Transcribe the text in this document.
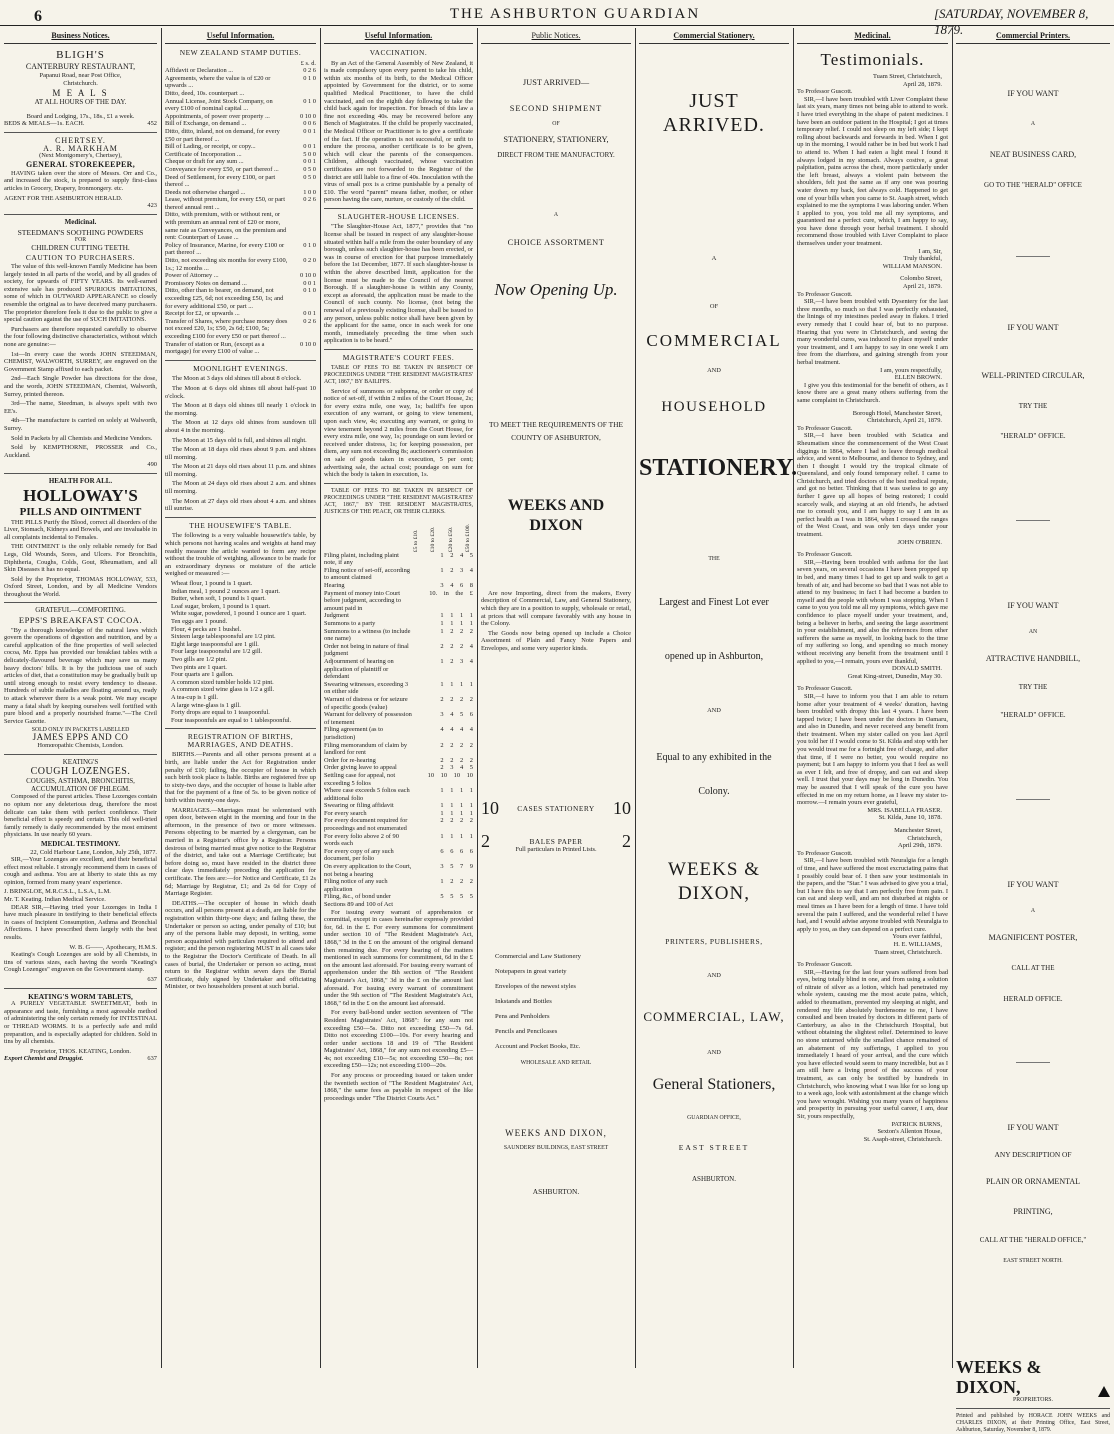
6	THE ASHBURTON GUARDIAN	[SATURDAY, NOVEMBER 8, 1879.
Business Notices.
BLIGH'S
CANTERBURY RESTAURANT,
Papanui Road, near Post Office,
Christchurch.
M E A L S
AT ALL HOURS OF THE DAY.
Board and Lodging, 17s., 18s., £1 a week.
BEDS & MEALS—1s. EACH.	452
CHERTSEY.
A. R. MARKHAM
(Next Montgomery's, Chertsey),
GENERAL STOREKEEPER,
HAVING taken over the store of Messrs. Orr and Co., and increased the stock, is prepared to supply first-class articles in Grocery, Drapery, Ironmongery. etc.
AGENT FOR THE ASHBURTON HERALD.
423
Medicinal.
STEEDMAN'S SOOTHING POWDERS
FOR
CHILDREN CUTTING TEETH.
CAUTION TO PURCHASERS.
The value of this well-known Family Medicine has been largely tested in all parts of the world, and by all grades of society, for upwards of FIFTY YEARS. Its well-earned extensive sale has produced SPURIOUS IMITATIONS, some of which in OUTWARD APPEARANCE so closely resemble the original as to have deceived many purchasers. The proprietor therefore feels it due to the public to give a special caution against the use of SUCH IMITATIONS.
Purchasers are therefore requested carefully to observe the four following distinctive characteristics, without which none are genuine:—
1st—In every case the words JOHN STEEDMAN, CHEMIST, WALWORTH, SURREY, are engraved on the Government Stamp affixed to each packet.
2nd—Each Single Powder has directions for the dose, and the words, JOHN STEEDMAN, Chemist, Walworth, Surrey, printed thereon.
3rd—The name, Steedman, is always spelt with two EE's.
4th—The manufacture is carried on solely at Walworth, Surrey.
Sold in Packets by all Chemists and Medicine Vendors.
Sold by KEMPTHORNE, PROSSER and Co., Auckland.
490
HEALTH FOR ALL.
HOLLOWAY'S
PILLS AND OINTMENT
THE PILLS Purify the Blood, correct all disorders of the Liver, Stomach, Kidneys and Bowels, and are invaluable in all complaints incidental to Females.
THE OINTMENT is the only reliable remedy for Bad Legs, Old Wounds, Sores, and Ulcers. For Bronchitis, Diphtheria, Coughs, Colds, Gout, Rheumatism, and all Skin Diseases it has no equal.
Sold by the Proprietor, THOMAS HOLLOWAY, 533, Oxford Street, London, and by all Medicine Vendors throughout the World.
GRATEFUL—COMFORTING.
EPPS'S BREAKFAST COCOA.
"By a thorough knowledge of the natural laws which govern the operations of digestion and nutrition, and by a careful application of the fine properties of well selected cocoa, Mr. Epps has provided our breakfast tables with a delicately-flavoured beverage which may save us many heavy doctors' bills. It is by the judicious use of such articles of diet, that a constitution may be gradually built up until strong enough to resist every tendency to disease. Hundreds of subtle maladies are floating around us, ready to attack wherever there is a weak point. We may escape many a fatal shaft by keeping ourselves well fortified with pure blood and a properly nourished frame."—The Civil Service Gazette.
SOLD ONLY IN PACKETS LABELLED
JAMES EPPS AND CO
Homœopathic Chemists, London.
KEATING'S
COUGH LOZENGES.
COUGHS, ASTHMA, BRONCHITIS, ACCUMULATION OF PHLEGM.
Composed of the purest articles. These Lozenges contain no opium nor any deleterious drug, therefore the most delicate can take them with perfect confidence. Their beneficial effect is speedy and certain. This old well-tried family remedy is daily recommended by the most eminent physicians. In use nearly 60 years.
MEDICAL TESTIMONY.
22, Cold Harbour Lane, London, July 25th, 1877.
SIR,—Your Lozenges are excellent, and their beneficial effect most reliable. I strongly recommend them in cases of cough and asthma. You are at liberty to state this as my opinion, formed from many years' experience.
J. BRINGLOE, M.R.C.S.L., L.S.A., L.M.
Mr. T. Keating. Indian Medical Service.
DEAR SIR,—Having tried your Lozenges in India I have much pleasure in testifying to their beneficial effects in cases of Incipient Consumption, Asthma and Bronchial Affections. I have prescribed them largely with the best results.
W. B. G——, Apothecary, H.M.S.
Keating's Cough Lozenges are sold by all Chemists, in tins of various sizes, each having the words "Keating's Cough Lozenges" engraven on the Government stamp.
637
KEATING'S WORM TABLETS,
A PURELY VEGETABLE SWEETMEAT, both in appearance and taste, furnishing a most agreeable method of administering the only certain remedy for INTESTINAL or THREAD WORMS. It is a perfectly safe and mild preparation, and is especially adapted for children. Sold in tins by all chemists.
Proprietor, THOS. KEATING, London.
Export Chemist and Druggist.	637
Useful Information.
NEW ZEALAND STAMP DUTIES.
£ s. d.
Affidavit or Declaration ...	0 2 6
Agreements, where the value is of £20 or upwards ...
0 1 0
Ditto, deed, 10s. counterpart ...
Annual License, Joint Stock Company, on every £100 of nominal capital ...
0 1 0
Appointments, of power over property ...	0 10 0
Bill of Exchange, on demand ...	0 0 6
Ditto, ditto, inland, not on demand, for every £50 or part thereof ...
0 0 1
Bill of Lading, or receipt, or copy...	0 0 1
Certificate of Incorporation ...	5 0 0
Cheque or draft for any sum ...	0 0 1
Conveyance for every £50, or part thereof ...	0 5 0
Deed of Settlement, for every £100, or part thereof ...
0 5 0
Deeds not otherwise charged ...	1 0 0
Lease, without premium, for every £50, or part thereof annual rent ...
0 2 6
Ditto, with premium, with or without rent, or with premium an annual rent of £20 or more, same rate as Conveyances, on the premium and rent: Counterpart of Lease ...
Policy of Insurance, Marine, for every £100 or part thereof ...
0 1 0
Ditto, not exceeding six months for every £100, 1s.; 12 months ...
0 2 0
Power of Attorney ...	0 10 0
Promissory Notes on demand ...	0 0 1
Ditto, other than to bearer, on demand, not exceeding £25, 6d; not exceeding £50, 1s; and for every additional £50, or part ...
0 1 0
Receipt for £2, or upwards ...	0 0 1
Transfer of Shares, where purchase money does not exceed £20, 1s; £50, 2s 6d; £100, 5s; exceeding £100 for every £50 or part thereof ...
0 2 6
Transfer of station or Run, (except as a mortgage) for every £100 of value ...
0 10 0
MOONLIGHT EVENINGS.
The Moon at 3 days old shines till about 8 o'clock.
The Moon at 6 days old shines till about half-past 10 o'clock.
The Moon at 8 days old shines till nearly 1 o'clock in the morning.
The Moon at 12 days old shines from sundown till about 4 in the morning.
The Moon at 15 days old is full, and shines all night.
The Moon at 18 days old rises about 9 p.m. and shines till morning.
The Moon at 21 days old rises about 11 p.m. and shines till morning.
The Moon at 24 days old rises about 2 a.m. and shines till morning.
The Moon at 27 days old rises about 4 a.m. and shines till sunrise.
THE HOUSEWIFE'S TABLE.
The following is a very valuable housewife's table, by which persons not having scales and weights at hand may readily measure the article wanted to form any recipe without the trouble of weighing, allowance to be made for an extraordinary dryness or moisture of the article weighed or measured :—
Wheat flour, 1 pound is 1 quart.
Indian meal, 1 pound 2 ounces are 1 quart.
Butter, when soft, 1 pound is 1 quart.
Loaf sugar, broken, 1 pound is 1 quart.
White sugar, powdered, 1 pound 1 ounce are 1 quart.
Ten eggs are 1 pound.
Flour, 4 pecks are 1 bushel.
Sixteen large tablespoonsful are 1/2 pint.
Eight large teaspoonsful are 1 gill.
Four large teaspoonsful are 1/2 gill.
Two gills are 1/2 pint.
Two pints are 1 quart.
Four quarts are 1 gallon.
A common sized tumbler holds 1/2 pint.
A common sized wine glass is 1/2 a gill.
A tea-cup is 1 gill.
A large wine-glass is 1 gill.
Forty drops are equal to 1 teaspoonful.
Four teaspoonfuls are equal to 1 tablespoonful.
REGISTRATION OF BIRTHS, MARRIAGES, AND DEATHS.
BIRTHS.—Parents and all other persons present at a birth, are liable under the Act for Registration under penalty of £10; failing, the occupier of house in which such birth took place is liable. Births are registered free up to sixty-two days, and the occupier of house is liable after that for the payment of a fine of 5s. to be given notice of birth within twenty-one days.
MARRIAGES.—Marriages must be solemnised with open door, between eight in the morning and four in the afternoon, in the presence of two or more witnesses. Persons objecting to be married by a clergyman, can be married in a Registrar's office by a Registrar. Persons desirous of being married must give notice to the Registrar of the district, and take out a Marriage Certificate; but before doing so, must have resided in the district three clear days immediately preceding the application for certificate. The fees are:—for Notice and Certificate, £1 2s 6d; Marriage by Registrar, £1; and 2s 6d for Copy of Marriage Register.
DEATHS.—The occupier of house in which death occurs, and all persons present at a death, are liable for the registration within thirty-one days; and failing these, the Undertaker or person so acting, under penalty of £10; but any of the persons liable may deposit, in writing, some person acquainted with particulars required to attend and register; and the person registering MUST in all cases take to the Registrar the Doctor's Certificate of Death. In all cases of burial, the Undertaker or person so acting, must return to the Registrar within seven days the Burial Certificate, duly signed by Undertaker and officiating Minister, or two householders present at such burial.
Useful Information.
VACCINATION.
By an Act of the General Assembly of New Zealand, it is made compulsory upon every parent to take his child, within six months of its birth, to the Medical Officer appointed by Government for the district, or to some qualified Medical Practitioner, to have the child vaccinated, and on the eighth day following to take the child back again for inspection. For breach of this law a fine not exceeding 40s. may be recovered before any Bench of Magistrates. If the child be properly vaccinated, the Medical Officer or Practitioner is to give a certificate of the fact. If the operation is not successful, or unfit to endure the process, another certificate is to be given, which will clear the parents of the consequences. Children, although vaccinated, whose vaccination certificates are not forwarded to the Registrar of the district are still liable to a fine of 40s. Inoculation with the virus of small pox is a crime punishable by a penalty of £10. The word "parent" means father, mother, or other person having the care, nurture, or custody of the child.
SLAUGHTER-HOUSE LICENSES.
"The Slaughter-House Act, 1877," provides that "no license shall be issued in respect of any slaughter-house situated within half a mile from the outer boundary of any borough, unless such slaughter-house has been erected, or was in course of erection for that purpose immediately before the 1st December, 1877. If such slaughter-house is within the above described limit, application for the license must be made to the Council of the nearest Borough. If a slaughter-house is within any County, except as aforesaid, the application must be made to the Council of such county. No license, (not being the renewal of a previously existing license, shall be issued to any person, unless public notice shall have been given by the applicant for the same, once in each week for one month, immediately preceding the time when such application is to be heard."
MAGISTRATE'S COURT FEES.
TABLE OF FEES TO BE TAKEN IN RESPECT OF PROCEEDINGS UNDER "THE RESIDENT MAGISTRATES' ACT, 1867," BY BAILIFFS.
Service of summons or subpœna, or order or copy of notice of set-off, if within 2 miles of the Court House, 2s; for every extra mile, one way, 1s; bailiff's fee upon execution of any warrant, or going to view tenement, upon each view, 4s; executing any warrant, or going to view tenement beyond 2 miles from the Court House, for every extra mile, one way, 1s; poundage on sum levied or received under distress, 1s; for keeping possession, per diem, any sum not exceeding 8s; auctioneer's commission on sale of goods taken in execution, 5 per cent; advertising sale, the actual cost; poundage on sum for which the body is taken in execution, 1s.
TABLE OF FEES TO BE TAKEN IN RESPECT OF PROCEEDINGS UNDER "THE RESIDENT MAGISTRATES' ACT, 1867," BY THE RESIDENT MAGISTRATES, JUSTICES OF THE PEACE, OR THEIR CLERKS.
£5 to £10. £10 to £20. £20 to £50. £50 to £100.
Filing plaint, including plaint note, if any
1 2 4 5
Filing notice of set-off, according to amount claimed
1 2 3 4
Hearing	3 4 6 8
Payment of money into Court before judgment, according to amount paid in
10. in the £
Judgment	1 1 1 1
Summons to a party	1 1 1 1
Summons to a witness (to include one name)
1 2 2 2
Order not being in nature of final judgment
2 2 2 4
Adjournment of hearing on application of plaintiff or defendant
1 2 3 4
Swearing witnesses, exceeding 3 on either side
1 1 1 1
Warrant of distress or for seizure of specific goods (value)
2 2 2 2
Warrant for delivery of possession of tenement
3 4 5 6
Filing agreement (as to jurisdiction)
4 4 4 4
Filing memorandum of claim by landlord for rent
2 2 2 2
Order for re-hearing	2 2 2 2
Order giving leave to appeal	2 3 4 5
Settling case for appeal, not exceeding 5 folios
10 10 10 10
Where case exceeds 5 folios each additional folio
1 1 1 1
Swearing or filing affidavit	1 1 1 1
For every search	1 1 1 1
For every document required for proceedings and not enumerated
2 2 2 2
For every folio above 2 of 90 words each
1 1 1 1
For every copy of any such document, per folio
6 6 6 6
On every application to the Court, not being a hearing
3 5 7 9
Filing notice of any such application
1 2 2 2
Filing, &c., of bond under Sections 89 and 100 of Act
5 5 5 5
For issuing every warrant of apprehension or committal, except in cases hereinafter expressly provided for, 6d. in the £. For every summons for commitment under section 10 of "The Resident Magistrate's Act, 1868," 3d in the £ on the amount of the original demand then remaining due. For every hearing of the matters mentioned in such summons for commitment, 6d in the £ on the amount last aforesaid. For issuing every warrant of apprehension under the 8th section of "The Resident Magistrate's Act, 1868," 3d in the £ on the amount last aforesaid. For issuing every warrant of commitment under the 9th section of "The Resident Magistrate's Act, 1868," 6d in the £ on the amount last aforesaid.
For every bail-bond under section seventeen of "The Resident Magistrates' Act, 1868": for any sum not exceeding £50—5s. Ditto not exceeding £50—7s 6d. Ditto not exceeding £100—10s. For every hearing and order under sections 18 and 19 of "The Resident Magistrates' Act, 1868," for any sum not exceeding £5—4s; not exceeding £10—5s; not exceeding £50—8s; not exceeding £50—12s; not exceeding £100—20s.
For any process or proceeding issued or taken under the twentieth section of "The Resident Magistrates' Act, 1868," the same fees as payable in respect of the like proceedings under "The District Courts Act."
Public Notices.
JUST ARRIVED—
SECOND SHIPMENT
OF
STATIONERY, STATIONERY,
DIRECT FROM THE MANUFACTORY.
A
CHOICE ASSORTMENT
Now Opening Up.
TO MEET THE REQUIREMENTS OF THE
COUNTY OF ASHBURTON,
WEEKS AND DIXON
Are now Importing, direct from the makers, Every description of Commercial, Law, and General Stationery, which they are in a position to supply, wholesale or retail, at prices that will compare favorably with any house in the Colony.
The Goods now being opened up include a Choice Assortment of Plain and Fancy Note Papers and Envelopes, and some very superior kinds.
10 CASES STATIONERY 10
2	BALES PAPER 2
Full particulars in Printed Lists.
Commercial and Law Stationery
Notepapers in great variety
Envelopes of the newest styles
Inkstands and Bottles
Pens and Penholders
Pencils and Pencilcases
Account and Pocket Books, Etc.
WHOLESALE AND RETAIL
WEEKS AND DIXON,
SAUNDERS' BUILDINGS, EAST STREET
ASHBURTON.
Commercial Stationery.
JUST ARRIVED.
A
OF
COMMERCIAL
AND
HOUSEHOLD
STATIONERY.
THE
Largest and Finest Lot ever
opened up in Ashburton,
AND
Equal to any exhibited in the
Colony.
WEEKS & DIXON,
PRINTERS, PUBLISHERS,
AND
COMMERCIAL, LAW,
AND
General Stationers,
GUARDIAN OFFICE,
EAST STREET
ASHBURTON.
Medicinal.
Testimonials.
Tuam Street, Christchurch,
April 28, 1879.
To Professor Guscott.
SIR,—I have been troubled with Liver Complaint these last six years, many times not being able to attend to work. I have tried everything in the shape of patent medicines. I have been an outdoor patient in the Hospital; I got at times temporary relief. I could not sleep on my left side; I kept rolling about backwards and forwards in bed. When I got up in the morning, I would rather be in bed but work I had to attend to. When I had eaten a light meal I found it always lodged in my stomach. Always costive, a great palpitation, pains across the chest, more particularly under the left breast, always a violent pain between the shoulders, felt just the same as if any one was pouring water down my back, feet always cold. Happened to get one of your bills when you came to St. Asaph street, which explained to me the symptoms I was laboring under. When I applied to you, you told me all my symptoms, and guaranteed me a perfect cure, which, I am happy to say, you have done through your herbal treatment. I should recommend those troubled with Liver Complaint to place themselves under your treatment.
I am, Sir,
Truly thankful,
WILLIAM MANSON.
Colombo Street,
April 21, 1879.
To Professor Guscott.
SIR,—I have been troubled with Dysentery for the last three months, so much so that I was perfectly exhausted, the linings of my intestines peeled away in flakes. I tried every remedy that I could hear of, but to no purpose. Hearing that you were in Christchurch, and seeing the many wonderful cures, was induced to place myself under your treatment, and I am happy to say in one week I am free from the diarrhœa, and gaining strength from your herbal treatment.
I am, yours respectfully,
ELLEN BROWN.
I give you this testimonial for the benefit of others, as I know there are a great many others suffering from the same complaint in Christchurch.
Borough Hotel, Manchester Street,
Christchurch, April 21, 1879.
To Professor Guscott.
SIR,—I have been troubled with Sciatica and Rheumatism since the commencement of the West Coast diggings in 1864, where I had to leave through medical advice, and went to Melbourne, and thence to Sydney, and then I thought I would try the tropical climate of Queensland, and only found temporary relief. I came to Christchurch, and tried doctors of the best medical repute, and got no better. Thinking that it was useless to go any further I gave up all hopes of being restored; I could scarcely walk, and staying at an old friend's, he advised me to consult you, and I am happy to say I am in as perfect health as I was in 1864, when I crossed the ranges of the West Coast, and was only ten days under your treatment.
JOHN O'BRIEN.
To Professor Guscott.
SIR,—Having been troubled with asthma for the last seven years, on several occasions I have been propped up in bed, and many times I had to get up and walk to get a breath of air, and had become so bad that I was not able to attend to my business; in fact I had become a burden to myself and the people with whom I was stopping. When I came to you you told me all my symptoms, which gave me confidence to place myself under your treatment, and, being a believer in herbs, and seeing the large assortment in your establishment, and also the references from other sufferers the same as myself, in looking back to the time of my suffering so long, and spending so much money without receiving any benefit from the treatment until I applied to you,—I remain, yours ever thankful,
DONALD SMITH.
Great King-street, Dunedin, May 30.
To Professor Guscott.
SIR,—I have to inform you that I am able to return home after your treatment of 4 weeks' duration, having been troubled with dropsy this last 4 years. I have been tapped twice; I have been under the doctors in Oamaru, and also in Dunedin, and never received any benefit from their treatment. When my sister called on you last April you told her if I would come to St. Kilda and stop with her you would treat me for a fortnight free of charge, and after that time, if I were no better, you would require no payment; but I am happy to inform you that I feel as well as ever I felt, and free of dropsy, and can eat and sleep well. I trust that your days may be long in Dunedin. You may be assured that I will speak of the cure you have effected in me on my return home, as I leave my sister to-morrow.—I remain yours ever grateful,
MRS. ISABELLA FRASER.
St. Kilda, June 10, 1878.
Manchester Street,
Christchurch,
April 29th, 1879.
To Professor Guscott.
SIR,—I have been troubled with Neuralgia for a length of time, and have suffered the most excruciating pains that I possibly could bear of. I then saw your testimonials in the papers, and the "Star." I was advised to give you a trial, but I have this to say that I am perfectly free from pain. I can eat and sleep well, and am not disturbed at nights or meal times as I have been for a length of time. I have told several the pain I suffered, and the wonderful relief I have had, and I would advise anyone troubled with Neuralgia to apply to you, as they can depend on a perfect cure.
Yours ever faithful,
H. E. WILLIAMS,
Tuam street, Christchurch.
To Professor Guscott.
SIR,—Having for the last four years suffered from bad eyes, being totally blind in one, and from using a solution of nitrate of silver as a lotion, which had penetrated my whole system, causing me the most acute pains, which, added to rheumatism, prevented my sleeping at night, and rendered my life absolutely burdensome to me, I have consulted and been treated by doctors in different parts of Canterbury, as also in the Christchurch Hospital, but without obtaining the slightest relief. Determined to leave no stone unturned while the smallest chance remained of an abatement of my sufferings, I applied to you immediately I heard of your arrival, and the cure which you have effected would seem to many incredible, but as I am still here a living proof of the success of your treatment, as can only be testified by hundreds in Christchurch, who knowing what I was like for so long up to a week ago, look with astonishment at the change which you have wrought. Wishing you many years of happiness and prosperity in pursuing your useful career, I am, dear Sir, yours respectfully,
PATRICK BURNS,
Sexton's Allenton House,
St. Asaph-street, Christchurch.
Commercial Printers.
IF YOU WANT
A
NEAT BUSINESS CARD,
GO TO THE "HERALD" OFFICE
IF YOU WANT
WELL-PRINTED CIRCULAR,
TRY THE
"HERALD" OFFICE.
IF YOU WANT
AN
ATTRACTIVE HANDBILL,
TRY THE
"HERALD" OFFICE.
IF YOU WANT
A
MAGNIFICENT POSTER,
CALL AT THE
HERALD OFFICE.
IF YOU WANT
ANY DESCRIPTION OF
PLAIN OR ORNAMENTAL
PRINTING,
CALL AT THE "HERALD OFFICE,"
EAST STREET NORTH.
WEEKS & DIXON,
PROPRIETORS.
Printed and published by HORACE JOHN WEEKS and CHARLES DIXON, at their Printing Office, East Street, Ashburton, Saturday, November 8, 1879.
